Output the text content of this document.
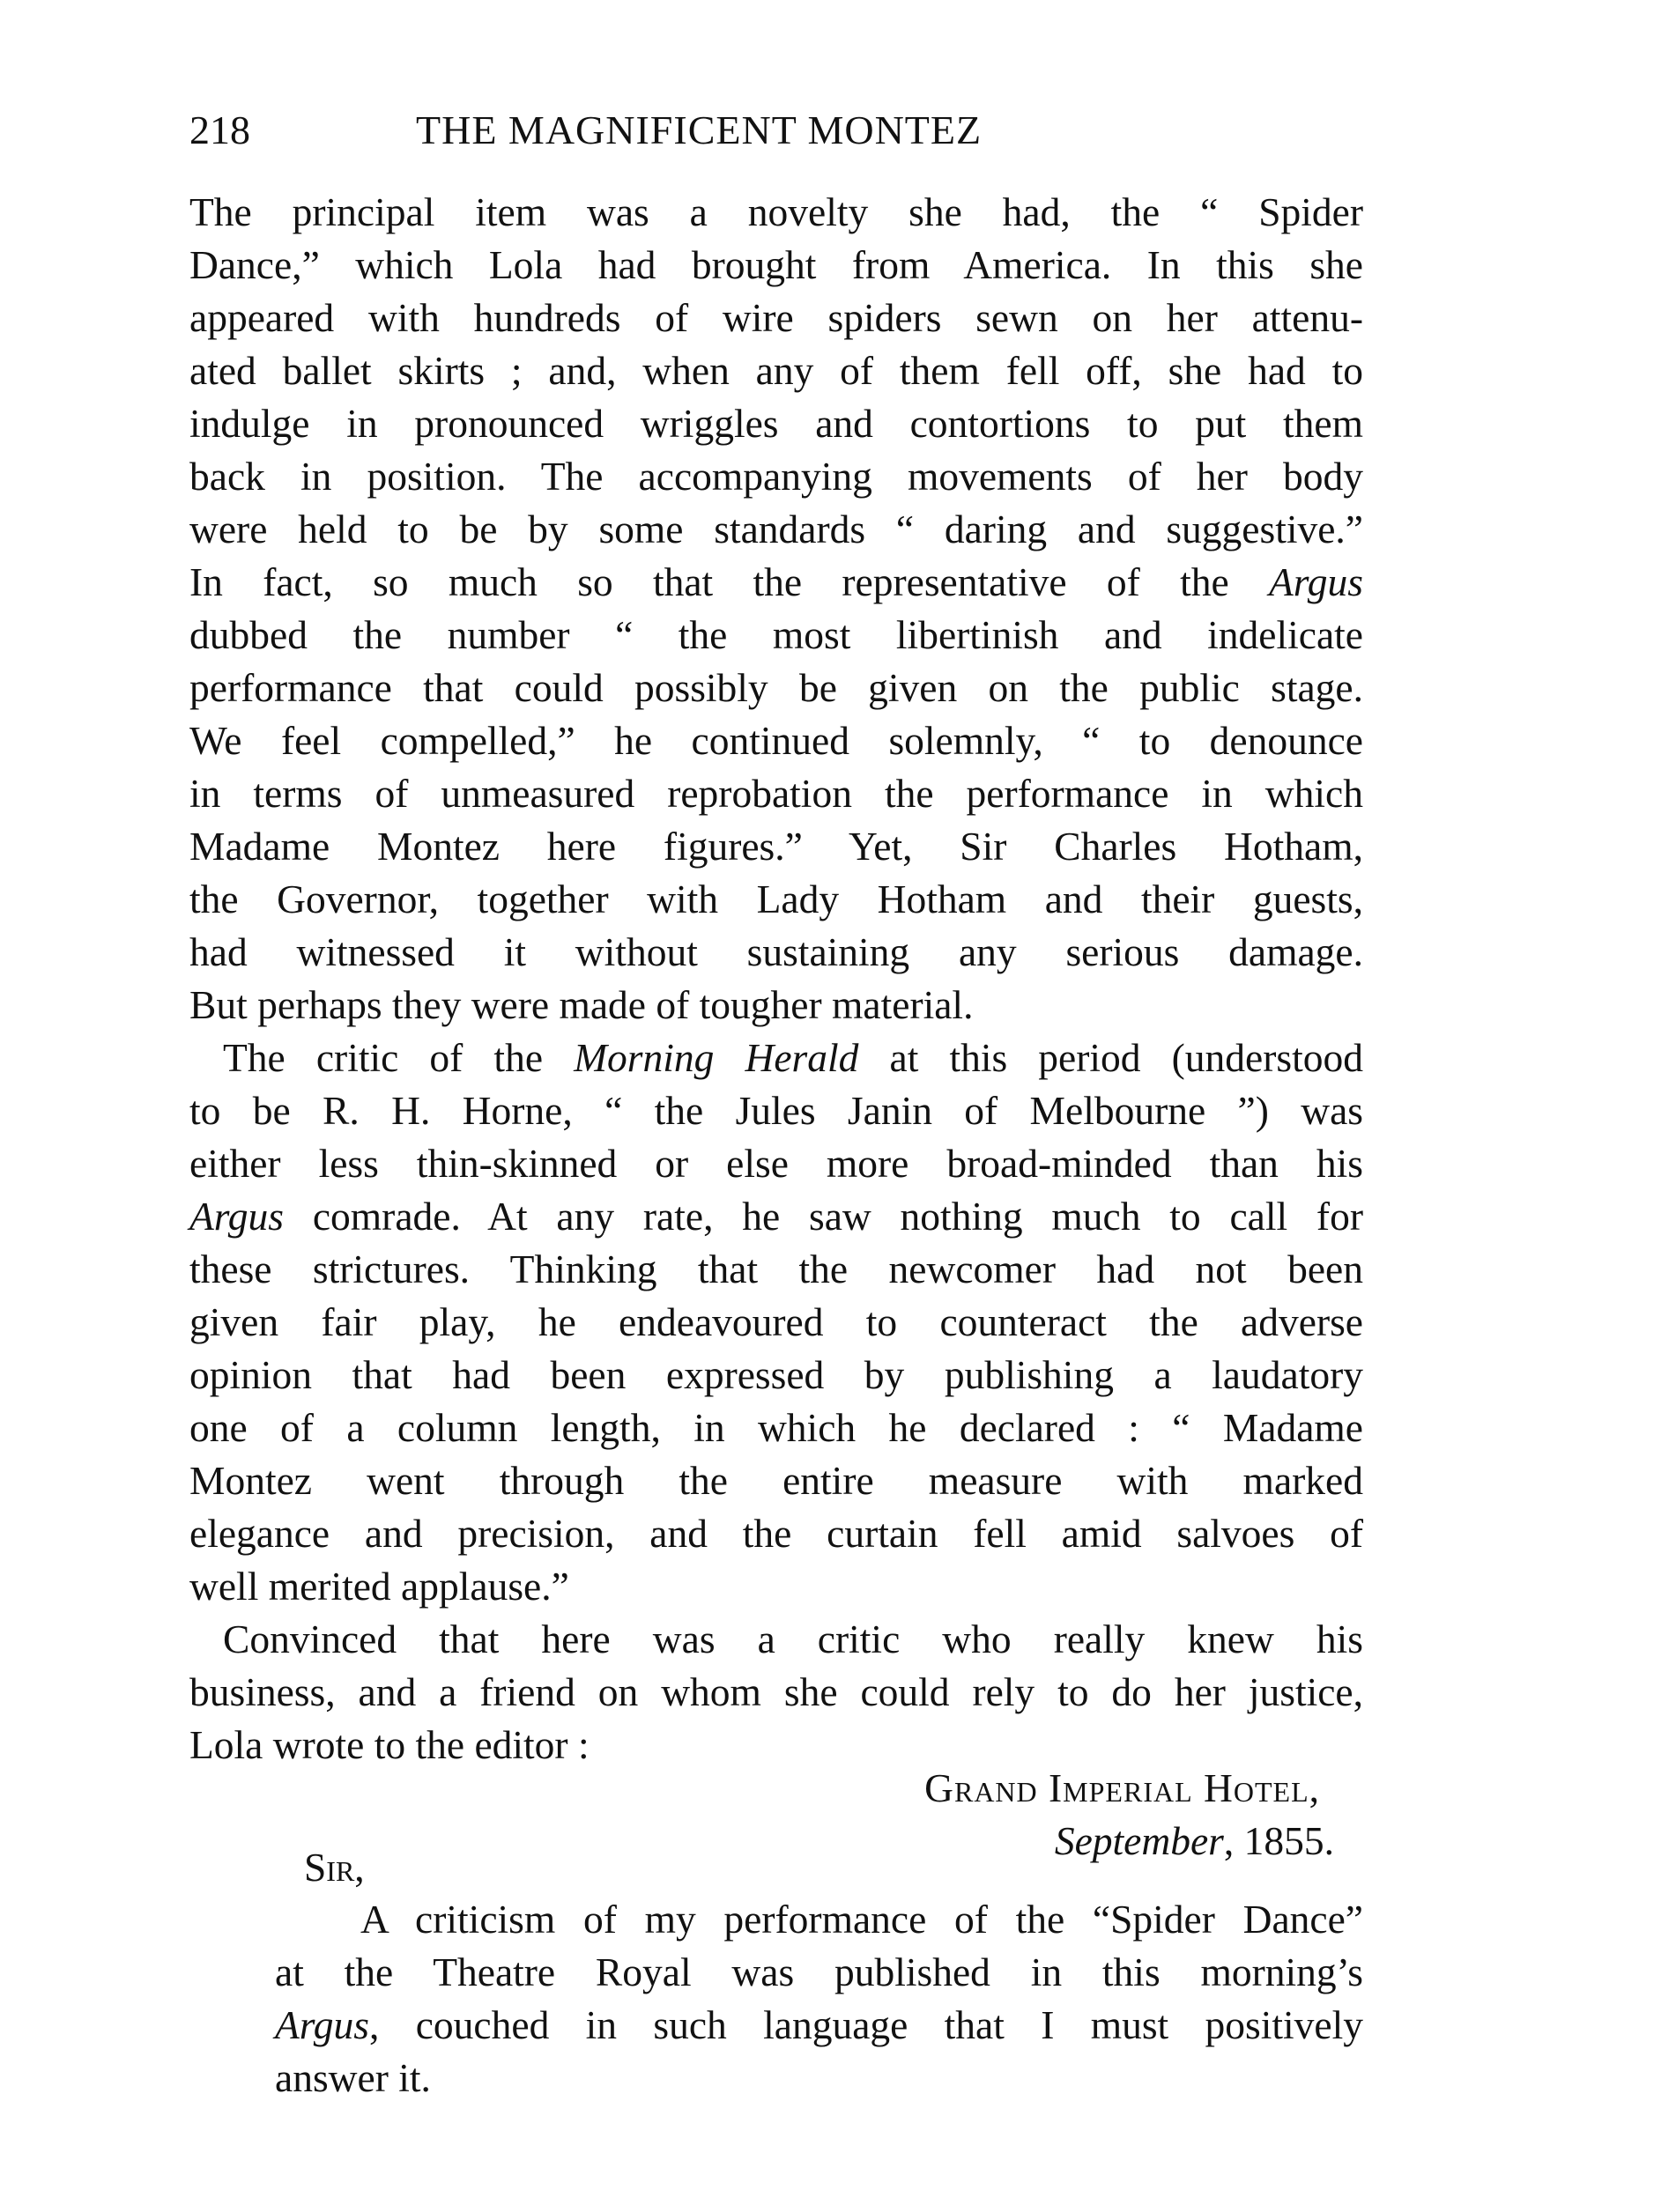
218	THE MAGNIFICENT MONTEZ
The principal item was a novelty she had, the “ Spider
Dance,” which Lola had brought from America. In this she
appeared with hundreds of wire spiders sewn on her attenu-
ated ballet skirts ; and, when any of them fell off, she had to
indulge in pronounced wriggles and contortions to put them
back in position. The accompanying movements of her body
were held to be by some standards “ daring and suggestive.”
In fact, so much so that the representative of the Argus
dubbed the number “ the most libertinish and indelicate
performance that could possibly be given on the public stage.
We feel compelled,” he continued solemnly, “ to denounce
in terms of unmeasured reprobation the performance in which
Madame Montez here figures.” Yet, Sir Charles Hotham,
the Governor, together with Lady Hotham and their guests,
had witnessed it without sustaining any serious damage.
But perhaps they were made of tougher material.
The critic of the Morning Herald at this period (understood
to be R. H. Horne, “ the Jules Janin of Melbourne ”) was
either less thin-skinned or else more broad-minded than his
Argus comrade. At any rate, he saw nothing much to call for
these strictures. Thinking that the newcomer had not been
given fair play, he endeavoured to counteract the adverse
opinion that had been expressed by publishing a laudatory
one of a column length, in which he declared : “ Madame
Montez went through the entire measure with marked
elegance and precision, and the curtain fell amid salvoes of
well merited applause.”
Convinced that here was a critic who really knew his
business, and a friend on whom she could rely to do her justice,
Lola wrote to the editor :
Grand Imperial Hotel,
September, 1855.
Sir,
A criticism of my performance of the “Spider Dance”
at the Theatre Royal was published in this morning’s
Argus, couched in such language that I must positively
answer it.
